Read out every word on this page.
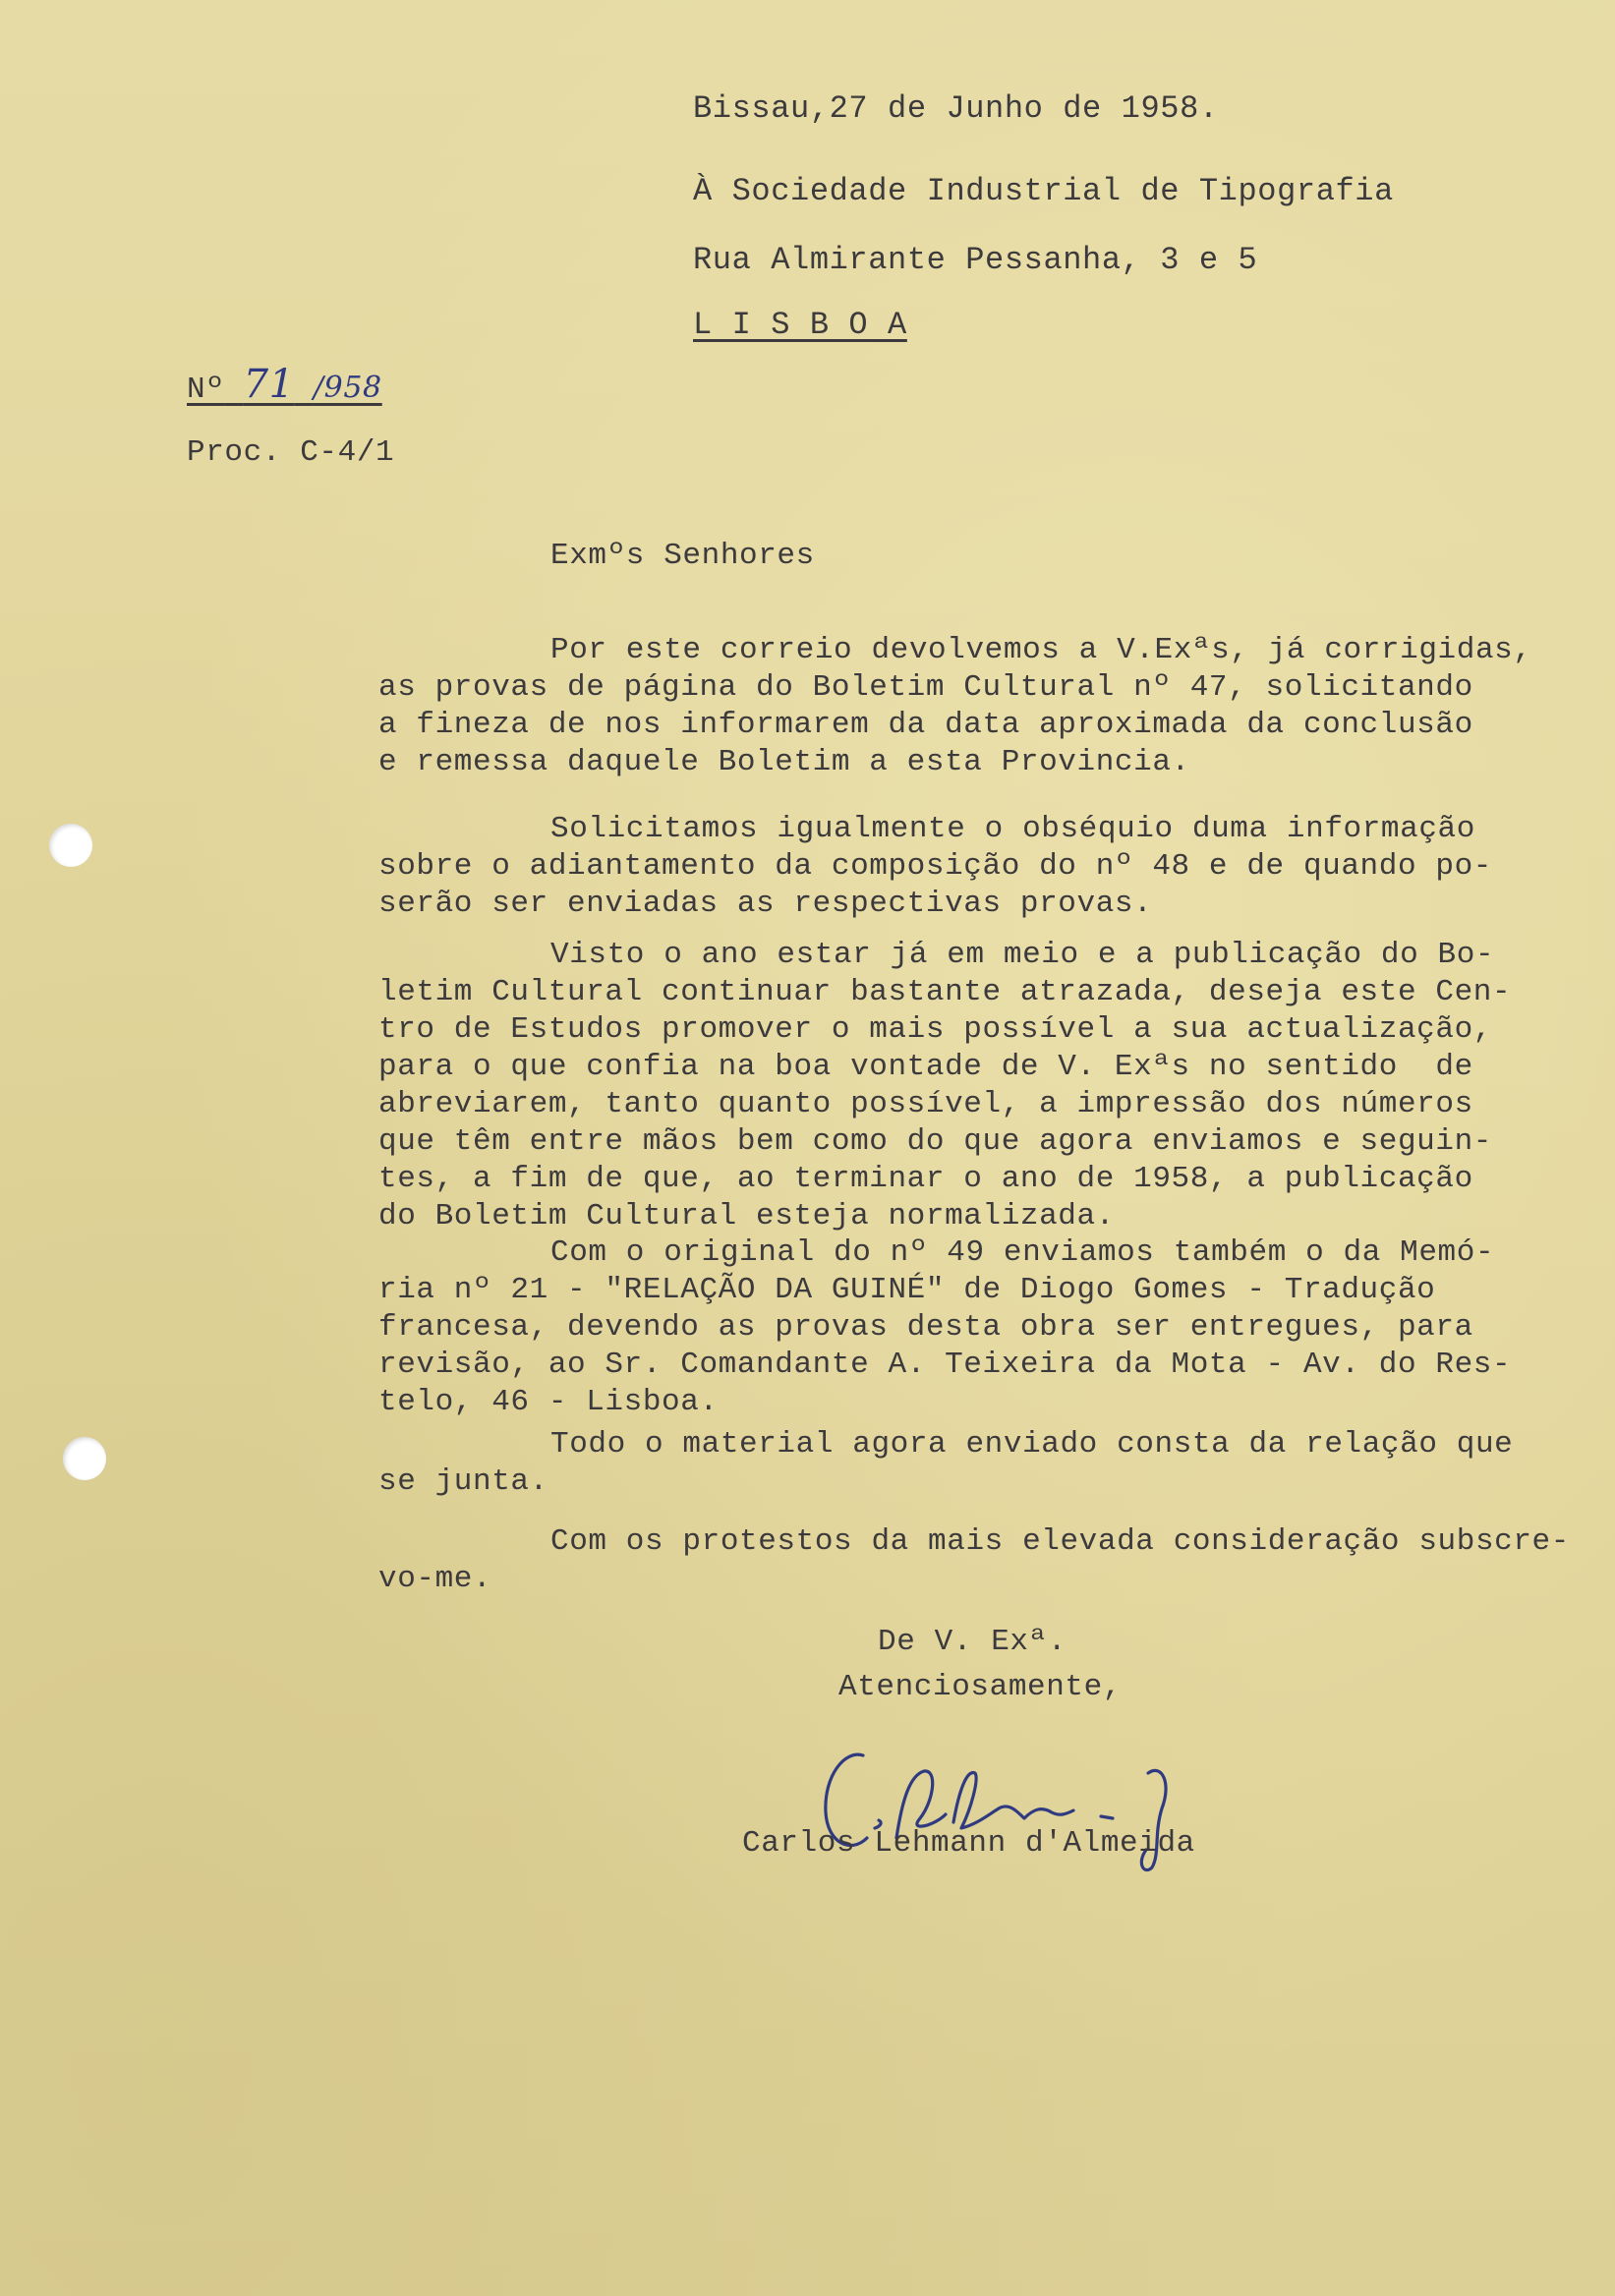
Bissau,27 de Junho de 1958.
À Sociedade Industrial de Tipografia
Rua Almirante Pessanha, 3 e 5
L I S B O A
Nº 71 /958
Proc. C-4/1
Exmºs Senhores
Por este correio devolvemos a V.Exªs, já corrigidas,
as provas de página do Boletim Cultural nº 47, solicitando
a fineza de nos informarem da data aproximada da conclusão
e remessa daquele Boletim a esta Provincia.
Solicitamos igualmente o obséquio duma informação
sobre o adiantamento da composição do nº 48 e de quando po-
serão ser enviadas as respectivas provas.
Visto o ano estar já em meio e a publicação do Bo-
letim Cultural continuar bastante atrazada, deseja este Cen-
tro de Estudos promover o mais possível a sua actualização,
para o que confia na boa vontade de V. Exªs no sentido  de
abreviarem, tanto quanto possível, a impressão dos números
que têm entre mãos bem como do que agora enviamos e seguin-
tes, a fim de que, ao terminar o ano de 1958, a publicação
do Boletim Cultural esteja normalizada.
Com o original do nº 49 enviamos também o da Memó-
ria nº 21 - "RELAÇÃO DA GUINÉ" de Diogo Gomes - Tradução
francesa, devendo as provas desta obra ser entregues, para
revisão, ao Sr. Comandante A. Teixeira da Mota - Av. do Res-
telo, 46 - Lisboa.
Todo o material agora enviado consta da relação que
se junta.
Com os protestos da mais elevada consideração subscre-
vo-me.
De V. Exª.
Atenciosamente,
Carlos Lehmann d'Almeida
